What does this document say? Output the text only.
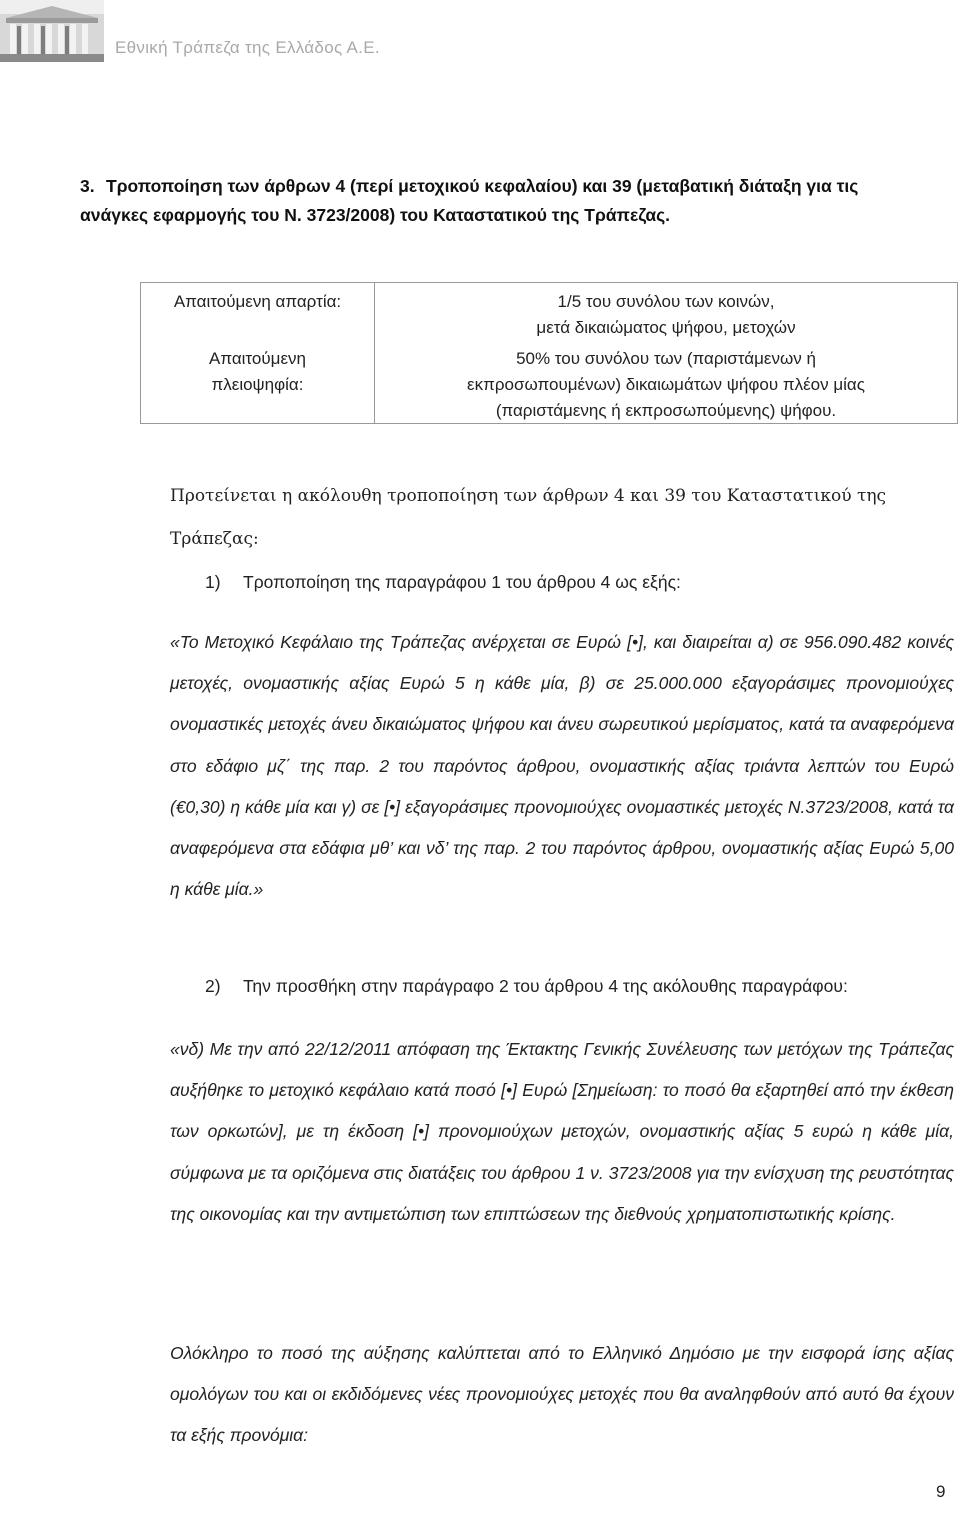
Εθνική Τράπεζα της Ελλάδος Α.Ε.
3. Τροποποίηση των άρθρων 4 (περί μετοχικού κεφαλαίου) και 39 (μεταβατική διάταξη για τις ανάγκες εφαρμογής του Ν. 3723/2008) του Καταστατικού της Τράπεζας.
Απαιτούμενη απαρτία:	1/5 του συνόλου των κοινών,
μετά δικαιώματος ψήφου, μετοχών
Απαιτούμενη
πλειοψηφία:
50% του συνόλου των (παριστάμενων ή
εκπροσωπουμένων) δικαιωμάτων ψήφου πλέον μίας
(παριστάμενης ή εκπροσωπούμενης) ψήφου.
Προτείνεται η ακόλουθη τροποποίηση των άρθρων 4 και 39 του Καταστατικού της Τράπεζας:
1) Τροποποίηση της παραγράφου 1 του άρθρου 4 ως εξής:
«Το Μετοχικό Κεφάλαιο της Τράπεζας ανέρχεται σε Ευρώ [•], και διαιρείται α) σε 956.090.482 κοινές μετοχές, ονομαστικής αξίας Ευρώ 5 η κάθε μία, β) σε 25.000.000 εξαγοράσιμες προνομιούχες ονομαστικές μετοχές άνευ δικαιώματος ψήφου και άνευ σωρευτικού μερίσματος, κατά τα αναφερόμενα στο εδάφιο μζ΄ της παρ. 2 του παρόντος άρθρου, ονομαστικής αξίας τριάντα λεπτών του Ευρώ (€0,30) η κάθε μία και γ) σε [•] εξαγοράσιμες προνομιούχες ονομαστικές μετοχές Ν.3723/2008, κατά τα αναφερόμενα στα εδάφια μθ’ και νδ’ της παρ. 2 του παρόντος άρθρου, ονομαστικής αξίας Ευρώ 5,00 η κάθε μία.»
2) Την προσθήκη στην παράγραφο 2 του άρθρου 4 της ακόλουθης παραγράφου:
«νδ) Με την από 22/12/2011 απόφαση της Έκτακτης Γενικής Συνέλευσης των μετόχων της Τράπεζας αυξήθηκε το μετοχικό κεφάλαιο κατά ποσό [•] Ευρώ [Σημείωση: το ποσό θα εξαρτηθεί από την έκθεση των ορκωτών], με τη έκδοση [•] προνομιούχων μετοχών, ονομαστικής αξίας 5 ευρώ η κάθε μία, σύμφωνα με τα οριζόμενα στις διατάξεις του άρθρου 1 ν. 3723/2008 για την ενίσχυση της ρευστότητας της οικονομίας και την αντιμετώπιση των επιπτώσεων της διεθνούς χρηματοπιστωτικής κρίσης.
Ολόκληρο το ποσό της αύξησης καλύπτεται από το Ελληνικό Δημόσιο με την εισφορά ίσης αξίας ομολόγων του και οι εκδιδόμενες νέες προνομιούχες μετοχές που θα αναληφθούν από αυτό θα έχουν τα εξής προνόμια:
9
